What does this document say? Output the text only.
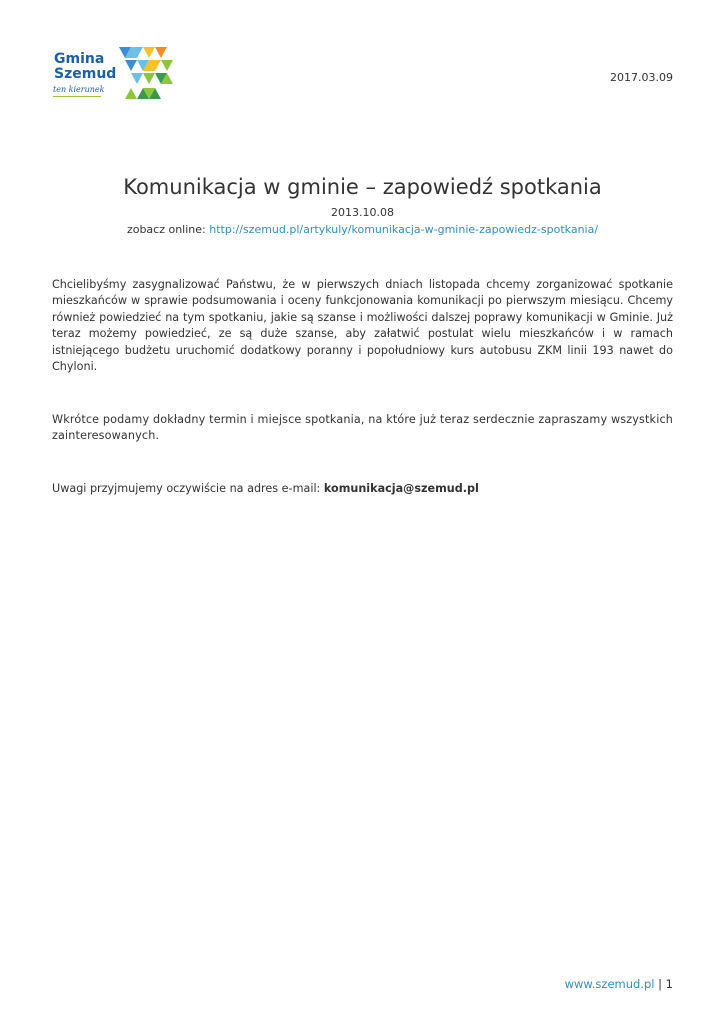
Gmina
Szemud
ten kierunek
2017.03.09
Komunikacja w gminie – zapowiedź spotkania
2013.10.08
zobacz online: http://szemud.pl/artykuly/komunikacja-w-gminie-zapowiedz-spotkania/

Chcielibyśmy zasygnalizować Państwu, że w pierwszych dniach listopada chcemy zorganizować spotkanie mieszkańców w sprawie podsumowania i oceny funkcjonowania komunikacji po pierwszym miesiącu. Chcemy również powiedzieć na tym spotkaniu, jakie są szanse i możliwości dalszej poprawy komunikacji w Gminie. Już teraz możemy powiedzieć, ze są duże szanse, aby załatwić postulat wielu mieszkańców i w ramach istniejącego budżetu uruchomić dodatkowy poranny i popołudniowy kurs autobusu ZKM linii 193 nawet do Chyloni.

Wkrótce podamy dokładny termin i miejsce spotkania, na które już teraz serdecznie zapraszamy wszystkich zainteresowanych.

Uwagi przyjmujemy oczywiście na adres e-mail: komunikacja@szemud.pl

www.szemud.pl | 1
